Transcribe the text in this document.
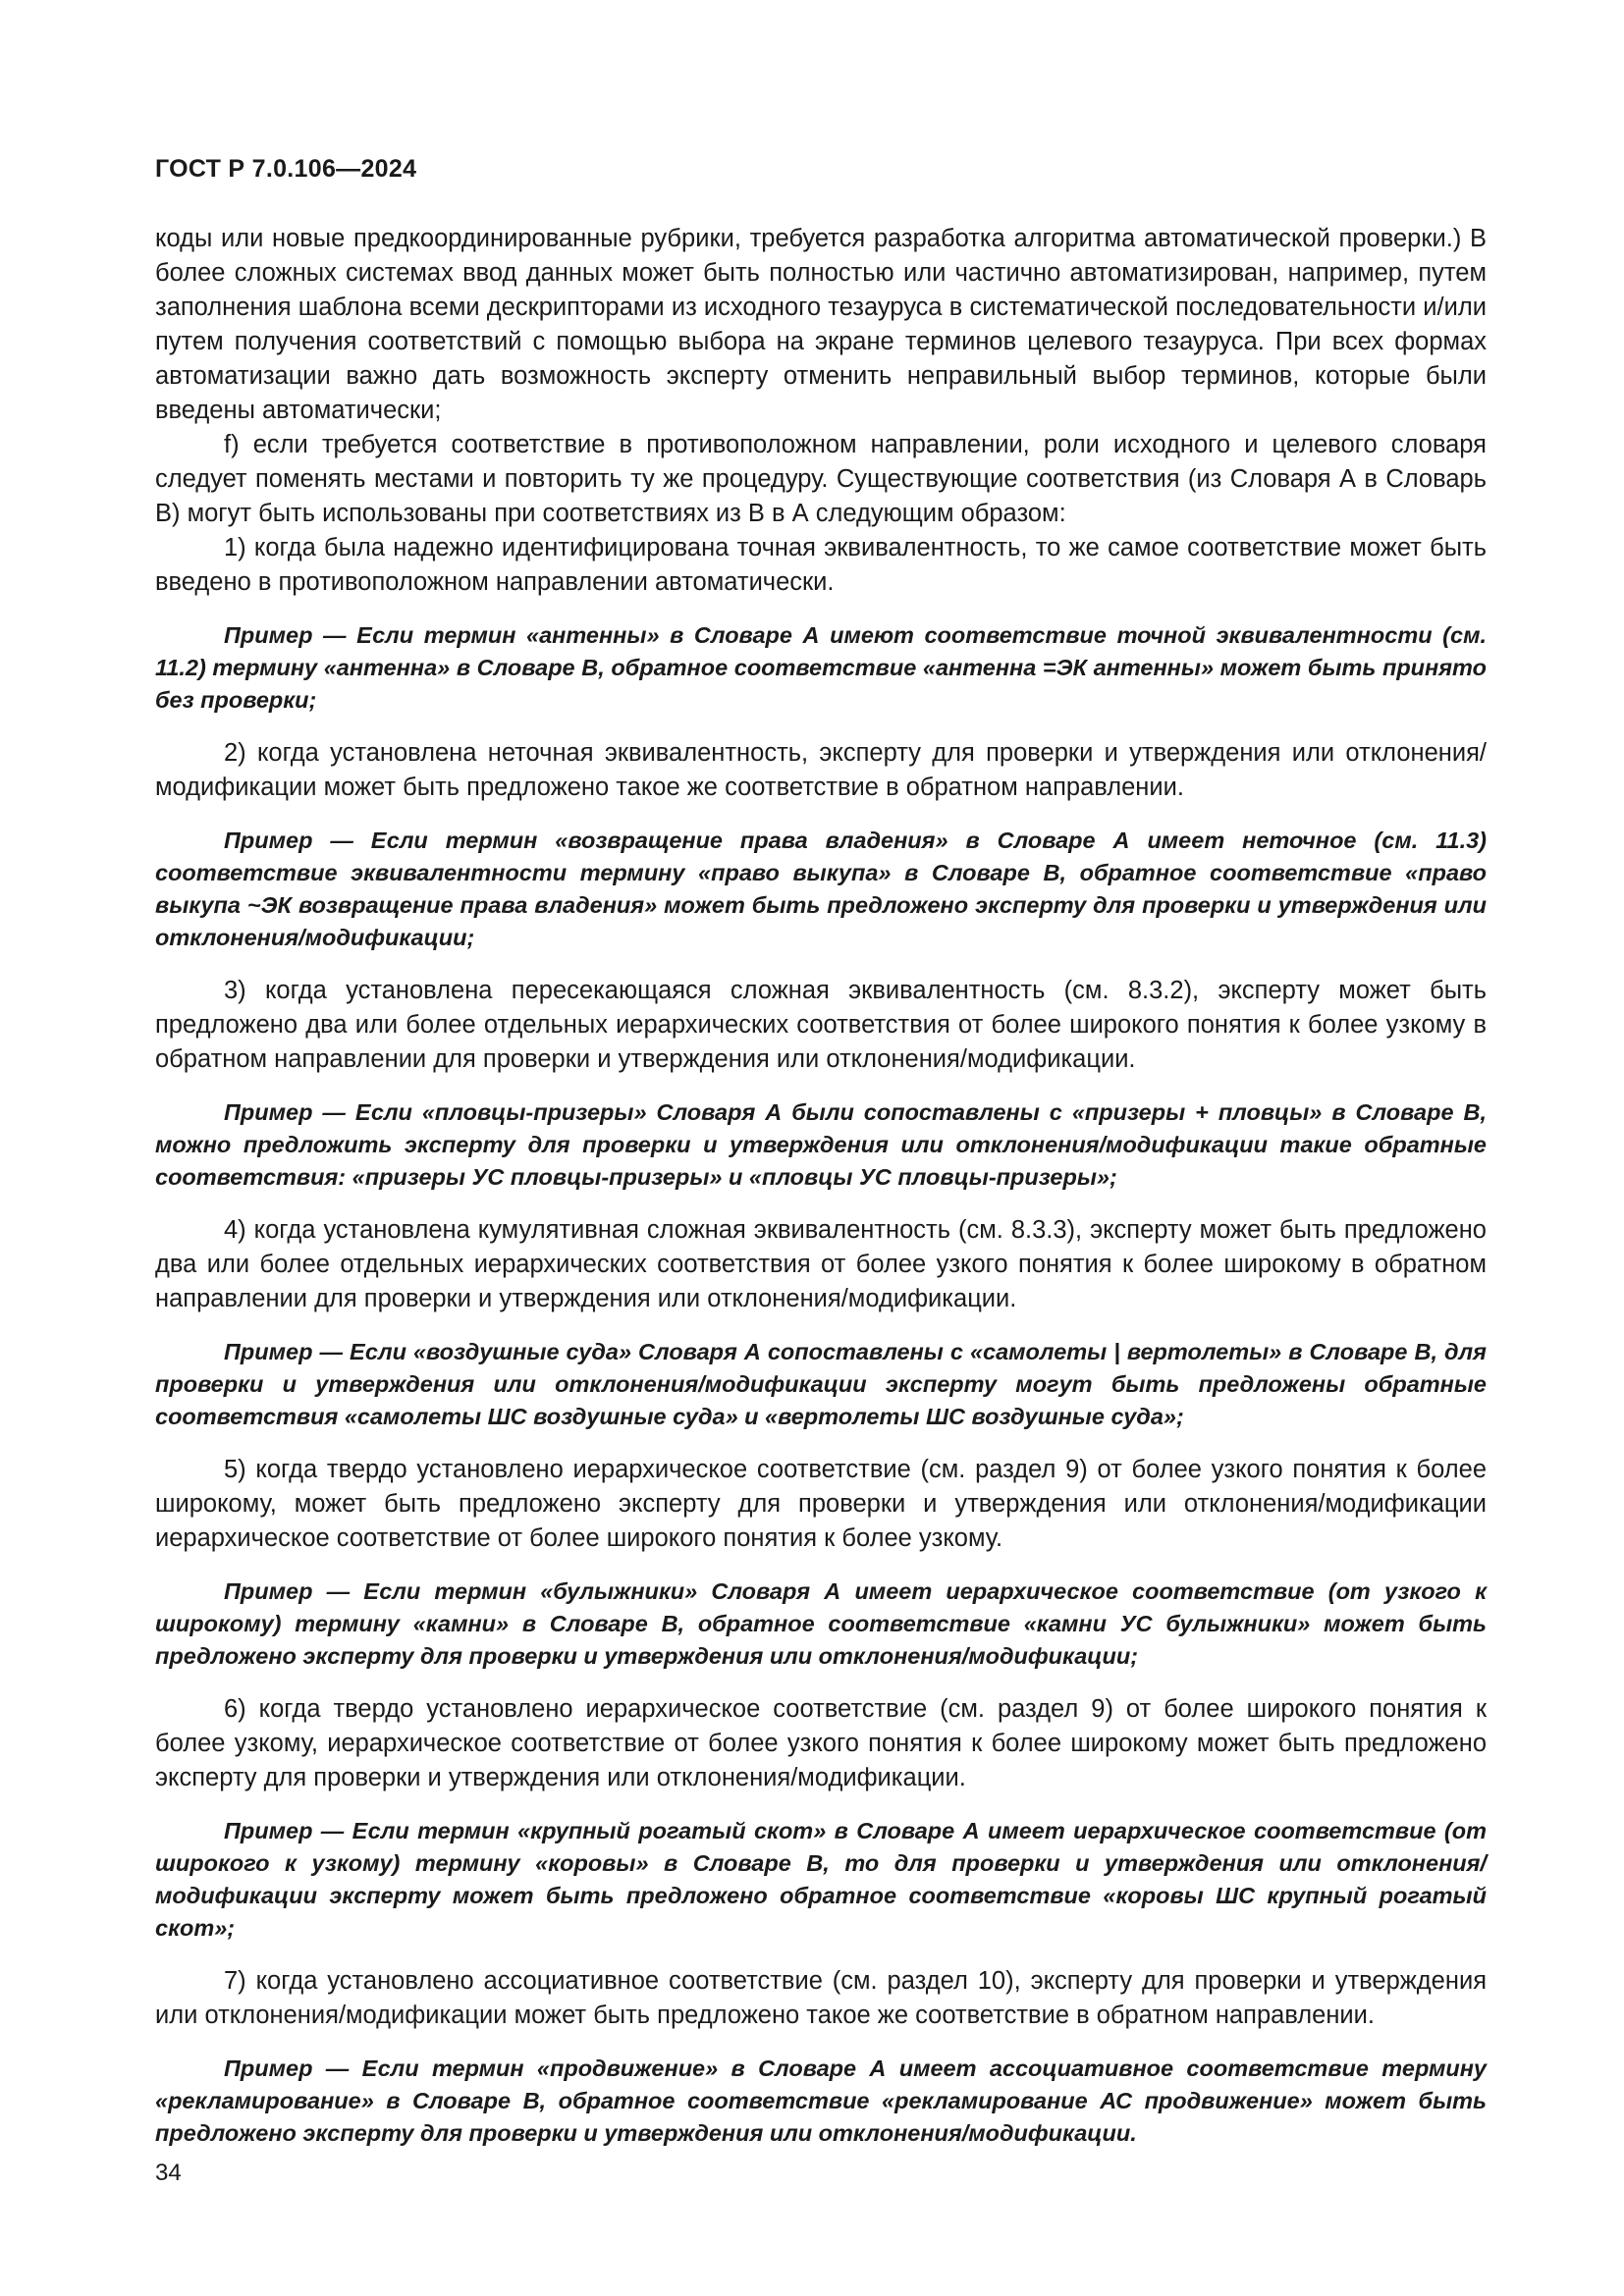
ГОСТ Р 7.0.106—2024

коды или новые предкоординированные рубрики, требуется разработка алгоритма автоматической проверки.) В более сложных системах ввод данных может быть полностью или частично автоматизирован, например, путем заполнения шаблона всеми дескрипторами из исходного тезауруса в систематической последовательности и/или путем получения соответствий с помощью выбора на экране терминов целевого тезауруса. При всех формах автоматизации важно дать возможность эксперту отменить неправильный выбор терминов, которые были введены автоматически;

f) если требуется соответствие в противоположном направлении, роли исходного и целевого словаря следует поменять местами и повторить ту же процедуру. Существующие соответствия (из Словаря А в Словарь В) могут быть использованы при соответствиях из В в А следующим образом:

1) когда была надежно идентифицирована точная эквивалентность, то же самое соответствие может быть введено в противоположном направлении автоматически.

Пример — Если термин «антенны» в Словаре А имеют соответствие точной эквивалентности (см. 11.2) термину «антенна» в Словаре В, обратное соответствие «антенна =ЭК антенны» может быть принято без проверки;

2) когда установлена неточная эквивалентность, эксперту для проверки и утверждения или отклонения/модификации может быть предложено такое же соответствие в обратном направлении.

Пример — Если термин «возвращение права владения» в Словаре А имеет неточное (см. 11.3) соответствие эквивалентности термину «право выкупа» в Словаре В, обратное соответствие «право выкупа ~ЭК возвращение права владения» может быть предложено эксперту для проверки и утверждения или отклонения/модификации;

3) когда установлена пересекающаяся сложная эквивалентность (см. 8.3.2), эксперту может быть предложено два или более отдельных иерархических соответствия от более широкого понятия к более узкому в обратном направлении для проверки и утверждения или отклонения/модификации.

Пример — Если «пловцы-призеры» Словаря А были сопоставлены с «призеры + пловцы» в Словаре В, можно предложить эксперту для проверки и утверждения или отклонения/модификации такие обратные соответствия: «призеры УС пловцы-призеры» и «пловцы УС пловцы-призеры»;

4) когда установлена кумулятивная сложная эквивалентность (см. 8.3.3), эксперту может быть предложено два или более отдельных иерархических соответствия от более узкого понятия к более широкому в обратном направлении для проверки и утверждения или отклонения/модификации.

Пример — Если «воздушные суда» Словаря А сопоставлены с «самолеты | вертолеты» в Словаре В, для проверки и утверждения или отклонения/модификации эксперту могут быть предложены обратные соответствия «самолеты ШС воздушные суда» и «вертолеты ШС воздушные суда»;

5) когда твердо установлено иерархическое соответствие (см. раздел 9) от более узкого понятия к более широкому, может быть предложено эксперту для проверки и утверждения или отклонения/модификации иерархическое соответствие от более широкого понятия к более узкому.

Пример — Если термин «булыжники» Словаря А имеет иерархическое соответствие (от узкого к широкому) термину «камни» в Словаре В, обратное соответствие «камни УС булыжники» может быть предложено эксперту для проверки и утверждения или отклонения/модификации;

6) когда твердо установлено иерархическое соответствие (см. раздел 9) от более широкого понятия к более узкому, иерархическое соответствие от более узкого понятия к более широкому может быть предложено эксперту для проверки и утверждения или отклонения/модификации.

Пример — Если термин «крупный рогатый скот» в Словаре А имеет иерархическое соответствие (от широкого к узкому) термину «коровы» в Словаре В, то для проверки и утверждения или отклонения/модификации эксперту может быть предложено обратное соответствие «коровы ШС крупный рогатый скот»;

7) когда установлено ассоциативное соответствие (см. раздел 10), эксперту для проверки и утверждения или отклонения/модификации может быть предложено такое же соответствие в обратном направлении.

Пример — Если термин «продвижение» в Словаре А имеет ассоциативное соответствие термину «рекламирование» в Словаре В, обратное соответствие «рекламирование АС продвижение» может быть предложено эксперту для проверки и утверждения или отклонения/модификации.

34
